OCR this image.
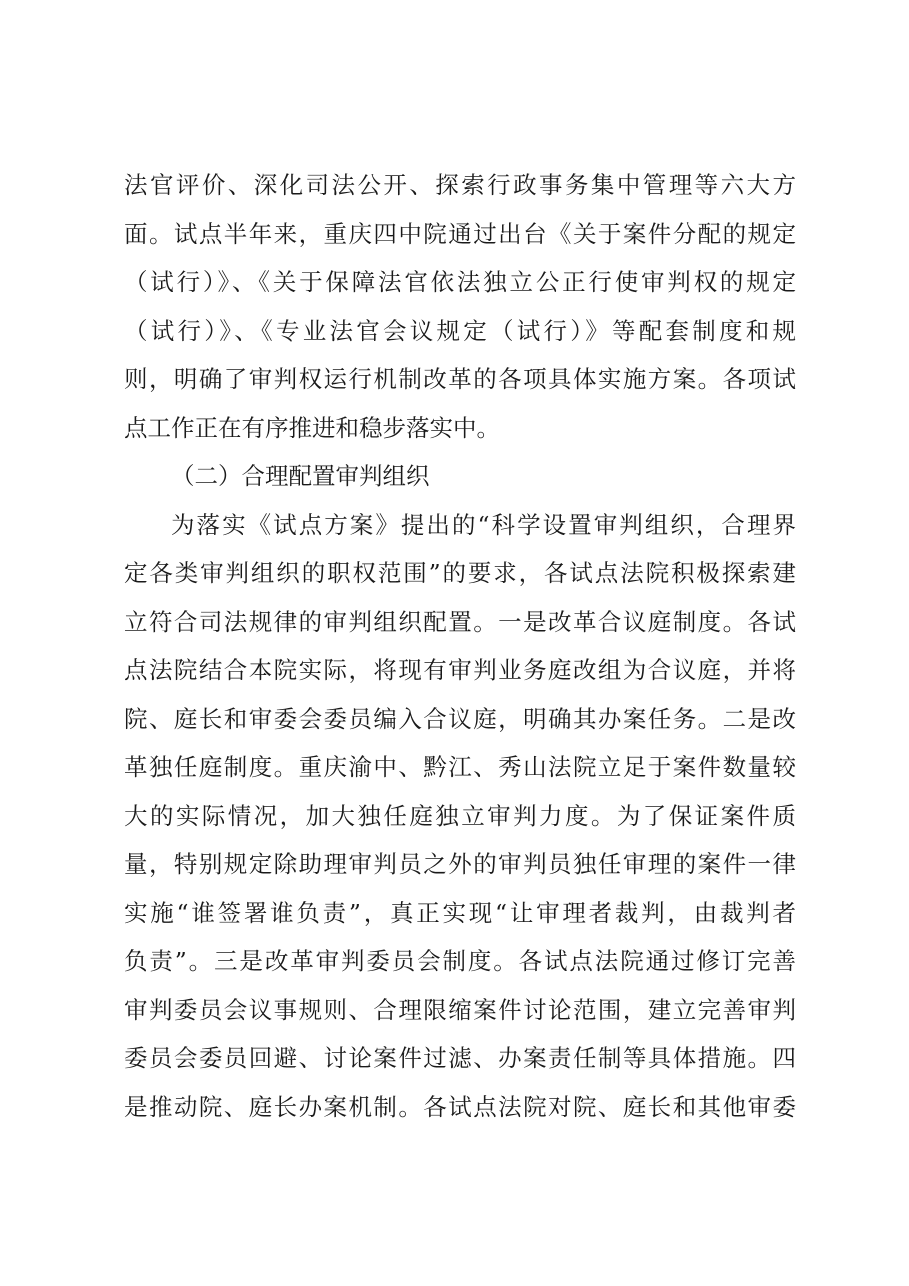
法官评价、深化司法公开、探索行政事务集中管理等六大方
面。试点半年来，重庆四中院通过出台《关于案件分配的规定
（试行）》、《关于保障法官依法独立公正行使审判权的规定
（试行）》、《专业法官会议规定（试行）》等配套制度和规
则，明确了审判权运行机制改革的各项具体实施方案。各项试
点工作正在有序推进和稳步落实中。
（二）合理配置审判组织
为落实《试点方案》提出的“科学设置审判组织，合理界
定各类审判组织的职权范围”的要求，各试点法院积极探索建
立符合司法规律的审判组织配置。一是改革合议庭制度。各试
点法院结合本院实际，将现有审判业务庭改组为合议庭，并将
院、庭长和审委会委员编入合议庭，明确其办案任务。二是改
革独任庭制度。重庆渝中、黔江、秀山法院立足于案件数量较
大的实际情况，加大独任庭独立审判力度。为了保证案件质
量，特别规定除助理审判员之外的审判员独任审理的案件一律
实施“谁签署谁负责”，真正实现“让审理者裁判，由裁判者
负责”。三是改革审判委员会制度。各试点法院通过修订完善
审判委员会议事规则、合理限缩案件讨论范围，建立完善审判
委员会委员回避、讨论案件过滤、办案责任制等具体措施。四
是推动院、庭长办案机制。各试点法院对院、庭长和其他审委
